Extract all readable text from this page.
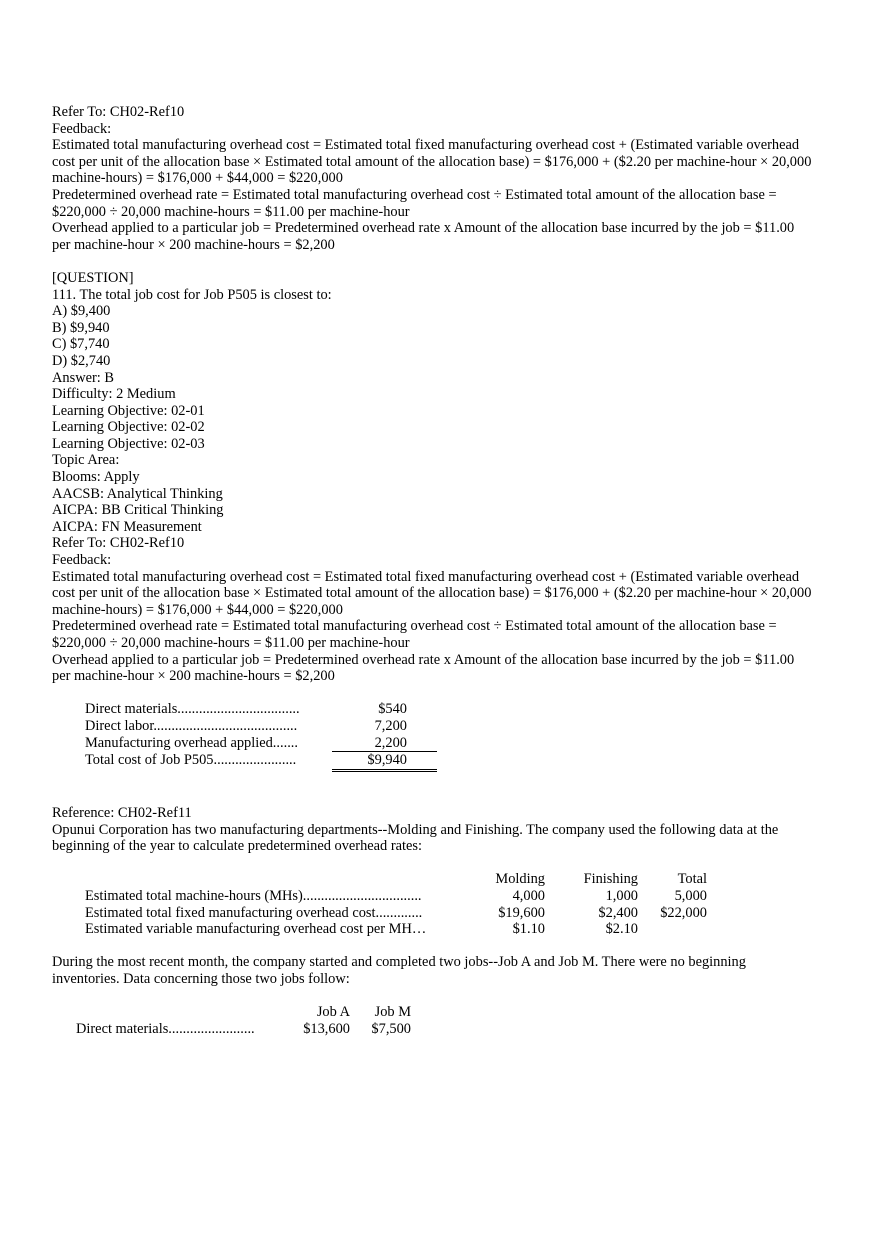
Refer To: CH02-Ref10
Feedback:
Estimated total manufacturing overhead cost = Estimated total fixed manufacturing overhead cost + (Estimated variable overhead cost per unit of the allocation base × Estimated total amount of the allocation base) = $176,000 + ($2.20 per machine-hour × 20,000 machine-hours) = $176,000 + $44,000 = $220,000
Predetermined overhead rate = Estimated total manufacturing overhead cost ÷ Estimated total amount of the allocation base = $220,000 ÷ 20,000 machine-hours = $11.00 per machine-hour
Overhead applied to a particular job = Predetermined overhead rate x Amount of the allocation base incurred by the job = $11.00 per machine-hour × 200 machine-hours = $2,200
[QUESTION]
111. The total job cost for Job P505 is closest to:
A) $9,400
B) $9,940
C) $7,740
D) $2,740
Answer: B
Difficulty: 2 Medium
Learning Objective: 02-01
Learning Objective: 02-02
Learning Objective: 02-03
Topic Area:
Blooms: Apply
AACSB: Analytical Thinking
AICPA: BB Critical Thinking
AICPA: FN Measurement
Refer To: CH02-Ref10
Feedback:
Estimated total manufacturing overhead cost = Estimated total fixed manufacturing overhead cost + (Estimated variable overhead cost per unit of the allocation base × Estimated total amount of the allocation base) = $176,000 + ($2.20 per machine-hour × 20,000 machine-hours) = $176,000 + $44,000 = $220,000
Predetermined overhead rate = Estimated total manufacturing overhead cost ÷ Estimated total amount of the allocation base = $220,000 ÷ 20,000 machine-hours = $11.00 per machine-hour
Overhead applied to a particular job = Predetermined overhead rate x Amount of the allocation base incurred by the job = $11.00 per machine-hour × 200 machine-hours = $2,200
Direct materials..................................	$540
Direct labor........................................	7,200
Manufacturing overhead applied.......	2,200
Total cost of Job P505.......................	$9,940
Reference: CH02-Ref11
Opunui Corporation has two manufacturing departments--Molding and Finishing. The company used the following data at the beginning of the year to calculate predetermined overhead rates:
	Molding	Finishing	Total
Estimated total machine-hours (MHs).................................	4,000	1,000	5,000
Estimated total fixed manufacturing overhead cost.............	$19,600	$2,400	$22,000
Estimated variable manufacturing overhead cost per MH…	$1.10	$2.10	
During the most recent month, the company started and completed two jobs--Job A and Job M. There were no beginning inventories. Data concerning those two jobs follow:
	Job A	Job M
Direct materials........................	$13,600	$7,500
